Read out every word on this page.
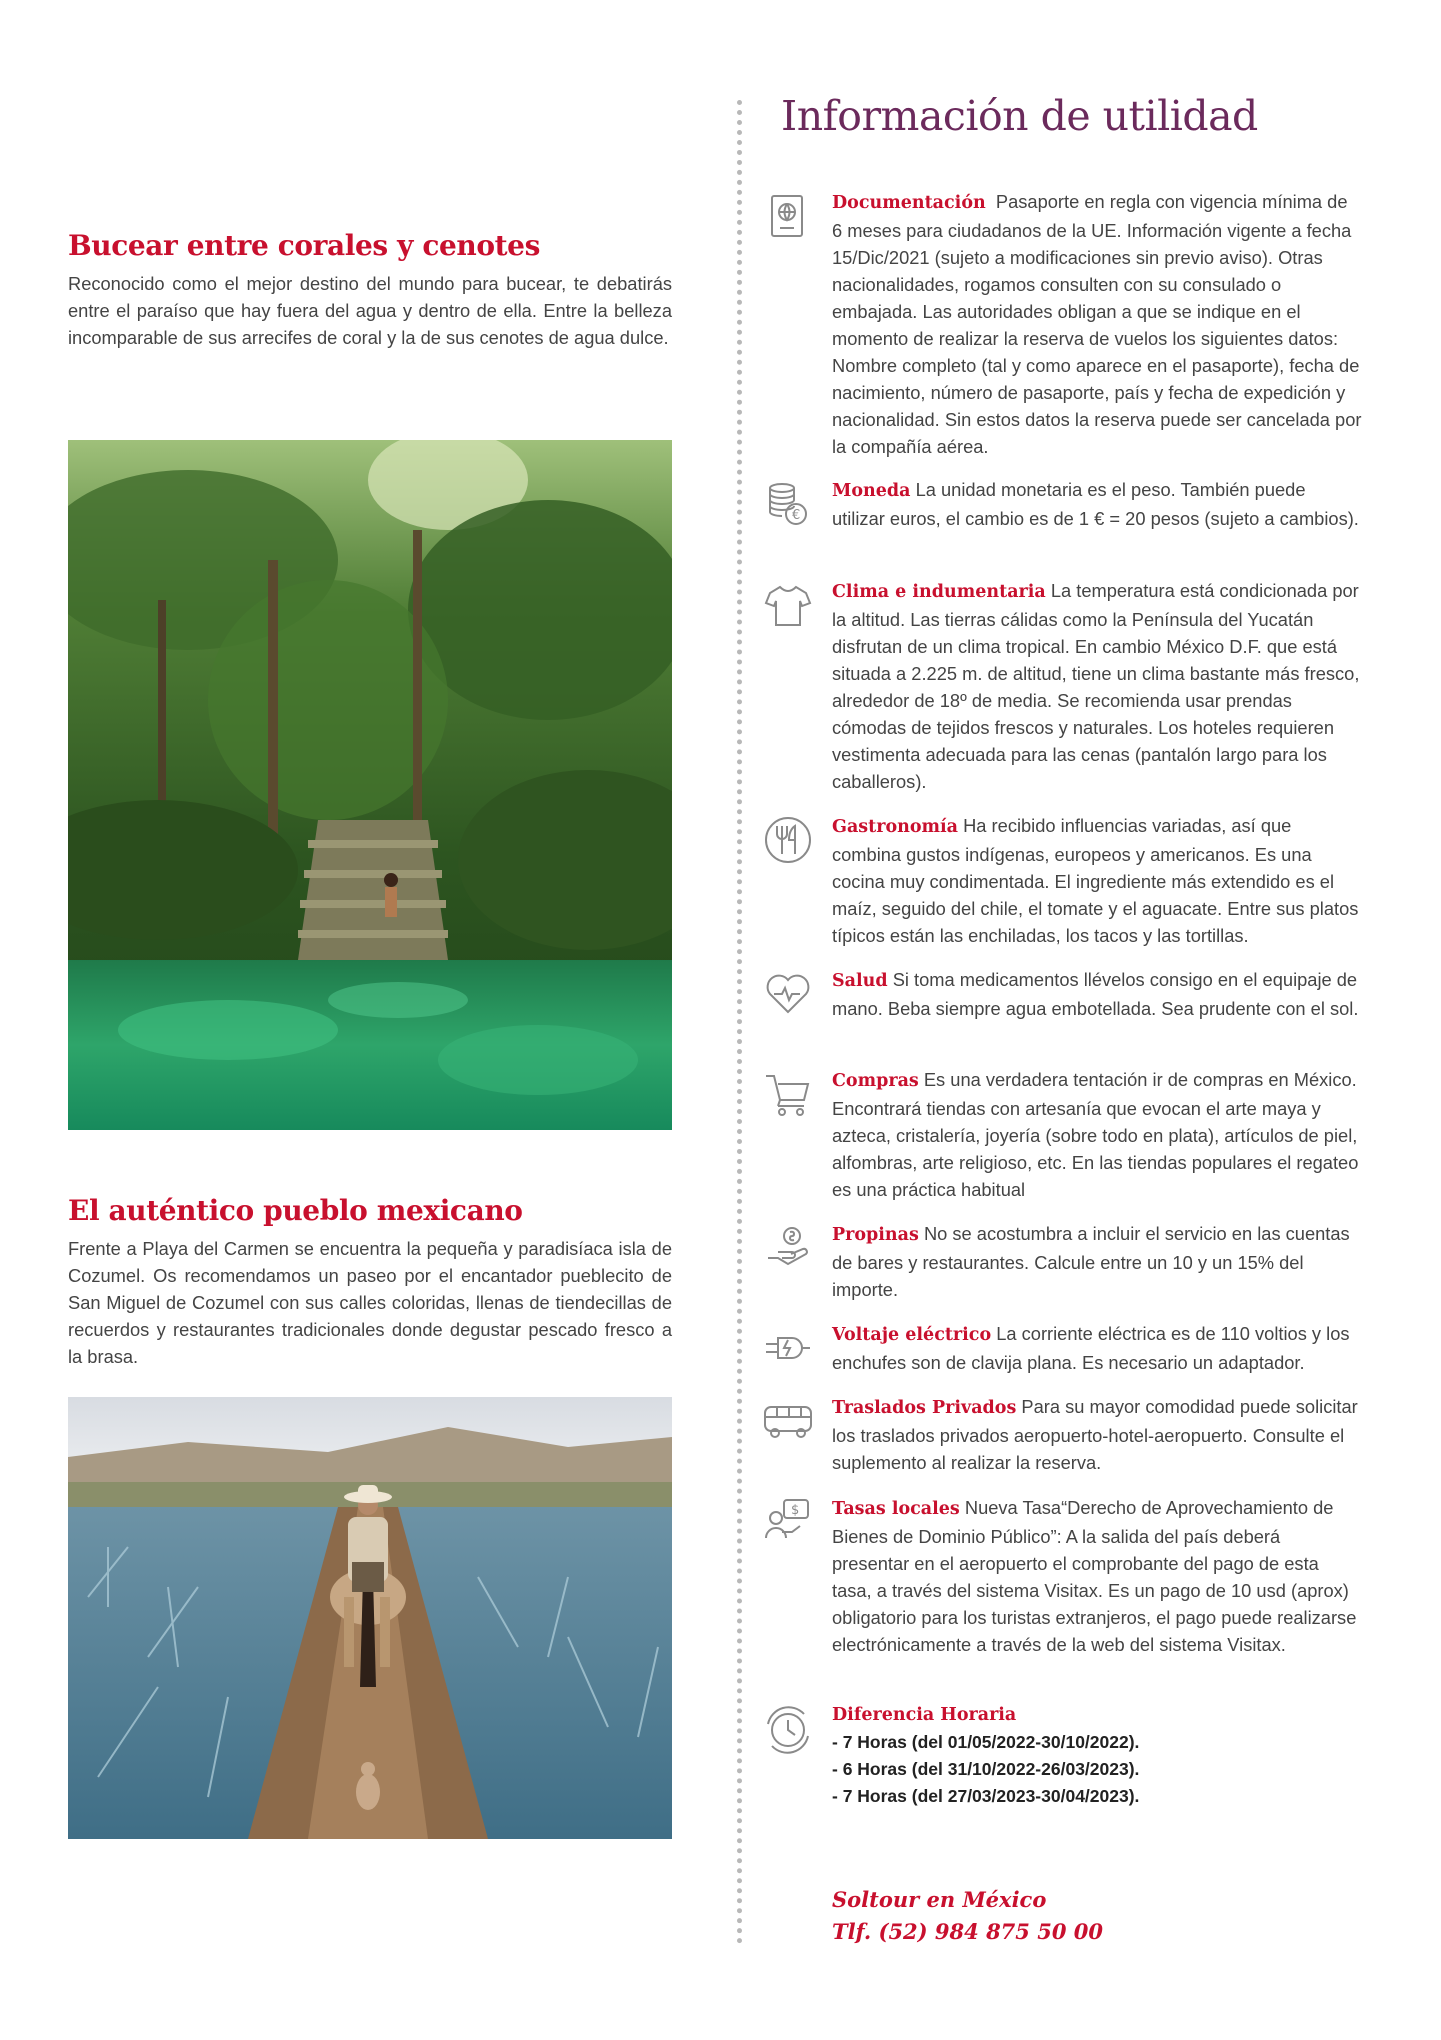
Bucear entre corales y cenotes

Reconocido como el mejor destino del mundo para bucear, te debatirás entre el paraíso que hay fuera del agua y dentro de ella. Entre la belleza incomparable de sus arrecifes de coral y la de sus cenotes de agua dulce.

El auténtico pueblo mexicano

Frente a Playa del Carmen se encuentra la pequeña y paradisíaca isla de Cozumel. Os recomendamos un paseo por el encantador pueblecito de San Miguel de Cozumel con sus calles coloridas, llenas de tiendecillas de recuerdos y restaurantes tradicionales donde degustar pescado fresco a la brasa.

Información de utilidad

Documentación Pasaporte en regla con vigencia mínima de 6 meses para ciudadanos de la UE. Información vigente a fecha 15/Dic/2021 (sujeto a modificaciones sin previo aviso). Otras nacionalidades, rogamos consulten con su consulado o embajada. Las autoridades obligan a que se indique en el momento de realizar la reserva de vuelos los siguientes datos: Nombre completo (tal y como aparece en el pasaporte), fecha de nacimiento, número de pasaporte, país y fecha de expedición y nacionalidad. Sin estos datos la reserva puede ser cancelada por la compañía aérea.

€

Moneda La unidad monetaria es el peso. También puede utilizar euros, el cambio es de 1 € = 20 pesos (sujeto a cambios).

Clima e indumentaria La temperatura está condicionada por la altitud. Las tierras cálidas como la Península del Yucatán disfrutan de un clima tropical. En cambio México D.F. que está situada a 2.225 m. de altitud, tiene un clima bastante más fresco, alrededor de 18º de media. Se recomienda usar prendas cómodas de tejidos frescos y naturales. Los hoteles requieren vestimenta adecuada para las cenas (pantalón largo para los caballeros).

Gastronomía Ha recibido influencias variadas, así que combina gustos indígenas, europeos y americanos. Es una cocina muy condimentada. El ingrediente más extendido es el maíz, seguido del chile, el tomate y el aguacate. Entre sus platos típicos están las enchiladas, los tacos y las tortillas.

Salud Si toma medicamentos llévelos consigo en el equipaje de mano. Beba siempre agua embotellada. Sea prudente con el sol.

Compras Es una verdadera tentación ir de compras en México. Encontrará tiendas con artesanía que evocan el arte maya y azteca, cristalería, joyería (sobre todo en plata), artículos de piel, alfombras, arte religioso, etc. En las tiendas populares el regateo es una práctica habitual

Propinas No se acostumbra a incluir el servicio en las cuentas de bares y restaurantes. Calcule entre un 10 y un 15% del importe.

Voltaje eléctrico La corriente eléctrica es de 110 voltios y los enchufes son de clavija plana. Es necesario un adaptador.

Traslados Privados Para su mayor comodidad puede solicitar los traslados privados aeropuerto-hotel-aeropuerto. Consulte el suplemento al realizar la reserva.

$ Tasas locales Nueva Tasa“Derecho de Aprovechamiento de Bienes de Dominio Público”: A la salida del país deberá presentar en el aeropuerto el comprobante del pago de esta tasa, a través del sistema Visitax. Es un pago de 10 usd (aprox) obligatorio para los turistas extranjeros, el pago puede realizarse electrónicamente a través de la web del sistema Visitax.

Diferencia Horaria
- 7 Horas (del 01/05/2022-30/10/2022).
- 6 Horas (del 31/10/2022-26/03/2023).
- 7 Horas (del 27/03/2023-30/04/2023).

Soltour en México
Tlf. (52) 984 875 50 00
